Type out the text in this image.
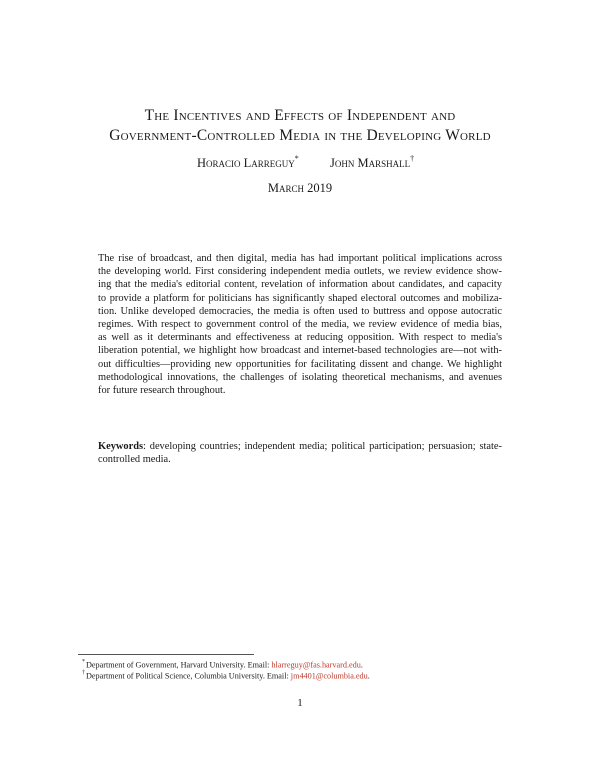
The Incentives and Effects of Independent and
Government-Controlled Media in the Developing World
Horacio Larreguy* John Marshall†
March 2019
The rise of broadcast, and then digital, media has had important political implications across
the developing world. First considering independent media outlets, we review evidence show-
ing that the media's editorial content, revelation of information about candidates, and capacity
to provide a platform for politicians has significantly shaped electoral outcomes and mobiliza-
tion. Unlike developed democracies, the media is often used to buttress and oppose autocratic
regimes. With respect to government control of the media, we review evidence of media bias,
as well as it determinants and effectiveness at reducing opposition. With respect to media's
liberation potential, we highlight how broadcast and internet-based technologies are—not with-
out difficulties—providing new opportunities for facilitating dissent and change. We highlight
methodological innovations, the challenges of isolating theoretical mechanisms, and avenues
for future research throughout.
Keywords: developing countries; independent media; political participation; persuasion; state-
controlled media.
*Department of Government, Harvard University. Email: hlarreguy@fas.harvard.edu.
†Department of Political Science, Columbia University. Email: jm4401@columbia.edu.
1
